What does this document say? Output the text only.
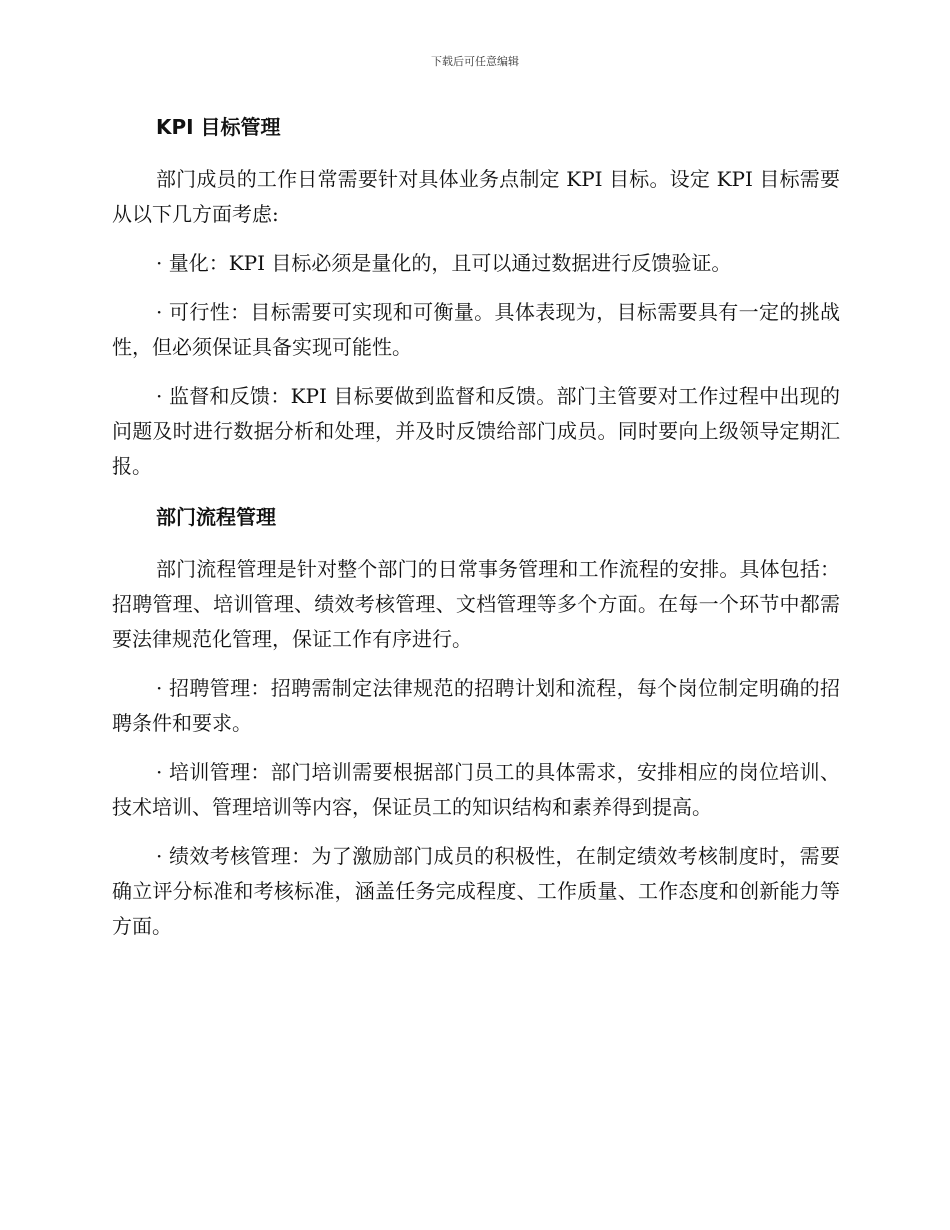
下载后可任意编辑
KPI 目标管理

部门成员的工作日常需要针对具体业务点制定 KPI 目标。设定 KPI 目标需要从以下几方面考虑:

· 量化：KPI 目标必须是量化的，且可以通过数据进行反馈验证。

· 可行性：目标需要可实现和可衡量。具体表现为，目标需要具有一定的挑战性，但必须保证具备实现可能性。

· 监督和反馈：KPI 目标要做到监督和反馈。部门主管要对工作过程中出现的问题及时进行数据分析和处理，并及时反馈给部门成员。同时要向上级领导定期汇报。

部门流程管理

部门流程管理是针对整个部门的日常事务管理和工作流程的安排。具体包括：招聘管理、培训管理、绩效考核管理、文档管理等多个方面。在每一个环节中都需要法律规范化管理，保证工作有序进行。

· 招聘管理：招聘需制定法律规范的招聘计划和流程，每个岗位制定明确的招聘条件和要求。

· 培训管理：部门培训需要根据部门员工的具体需求，安排相应的岗位培训、技术培训、管理培训等内容，保证员工的知识结构和素养得到提高。

· 绩效考核管理：为了激励部门成员的积极性，在制定绩效考核制度时，需要确立评分标准和考核标准，涵盖任务完成程度、工作质量、工作态度和创新能力等方面。
